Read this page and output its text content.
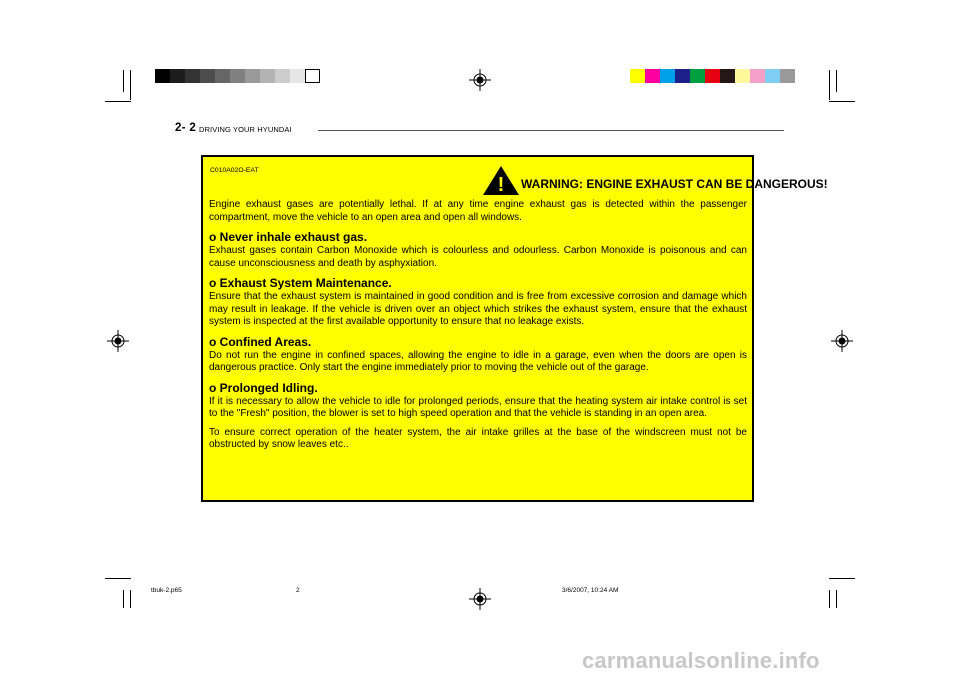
2- 2 DRIVING YOUR HYUNDAI
C010A02O-EAT
! WARNING: ENGINE EXHAUST CAN BE DANGEROUS!

Engine exhaust gases are potentially lethal. If at any time engine exhaust gas is detected within the passenger compartment, move the vehicle to an open area and open all windows.

o Never inhale exhaust gas.

Exhaust gases contain Carbon Monoxide which is colourless and odourless. Carbon Monoxide is poisonous and can cause unconsciousness and death by asphyxiation.

o Exhaust System Maintenance.

Ensure that the exhaust system is maintained in good condition and is free from excessive corrosion and damage which may result in leakage. If the vehicle is driven over an object which strikes the exhaust system, ensure that the exhaust system is inspected at the first available opportunity to ensure that no leakage exists.

o Confined Areas.

Do not run the engine in confined spaces, allowing the engine to idle in a garage, even when the doors are open is dangerous practice. Only start the engine immediately prior to moving the vehicle out of the garage.

o Prolonged Idling.

If it is necessary to allow the vehicle to idle for prolonged periods, ensure that the heating system air intake control is set to the "Fresh" position, the blower is set to high speed operation and that the vehicle is standing in an open area.

To ensure correct operation of the heater system, the air intake grilles at the base of the windscreen must not be obstructed by snow leaves etc..

tbuk-2.p65	2	3/6/2007, 10:24 AM
carmanualsonline.info
